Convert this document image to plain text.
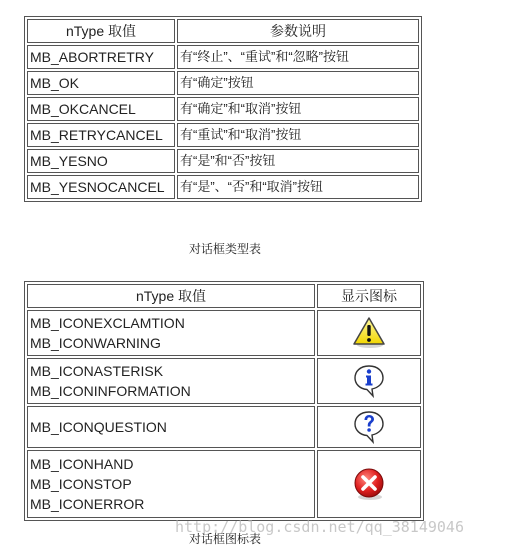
nType 取值	参数说明
MB_ABORTRETRY	有“终止”、“重试”和“忽略”按钮
MB_OK	有“确定”按钮
MB_OKCANCEL	有“确定”和“取消”按钮
MB_RETRYCANCEL	有“重试”和“取消”按钮
MB_YESNO	有“是”和“否”按钮
MB_YESNOCANCEL	有“是”、“否”和“取消”按钮
对话框类型表
nType 取值	显示图标

MB_ICONEXCLAMTION
MB_ICONWARNING

MB_ICONASTERISK
MB_ICONINFORMATION

MB_ICONQUESTION

MB_ICONHAND
MB_ICONSTOP
MB_ICONERROR

http://blog.csdn.net/qq_38149046
对话框图标表
